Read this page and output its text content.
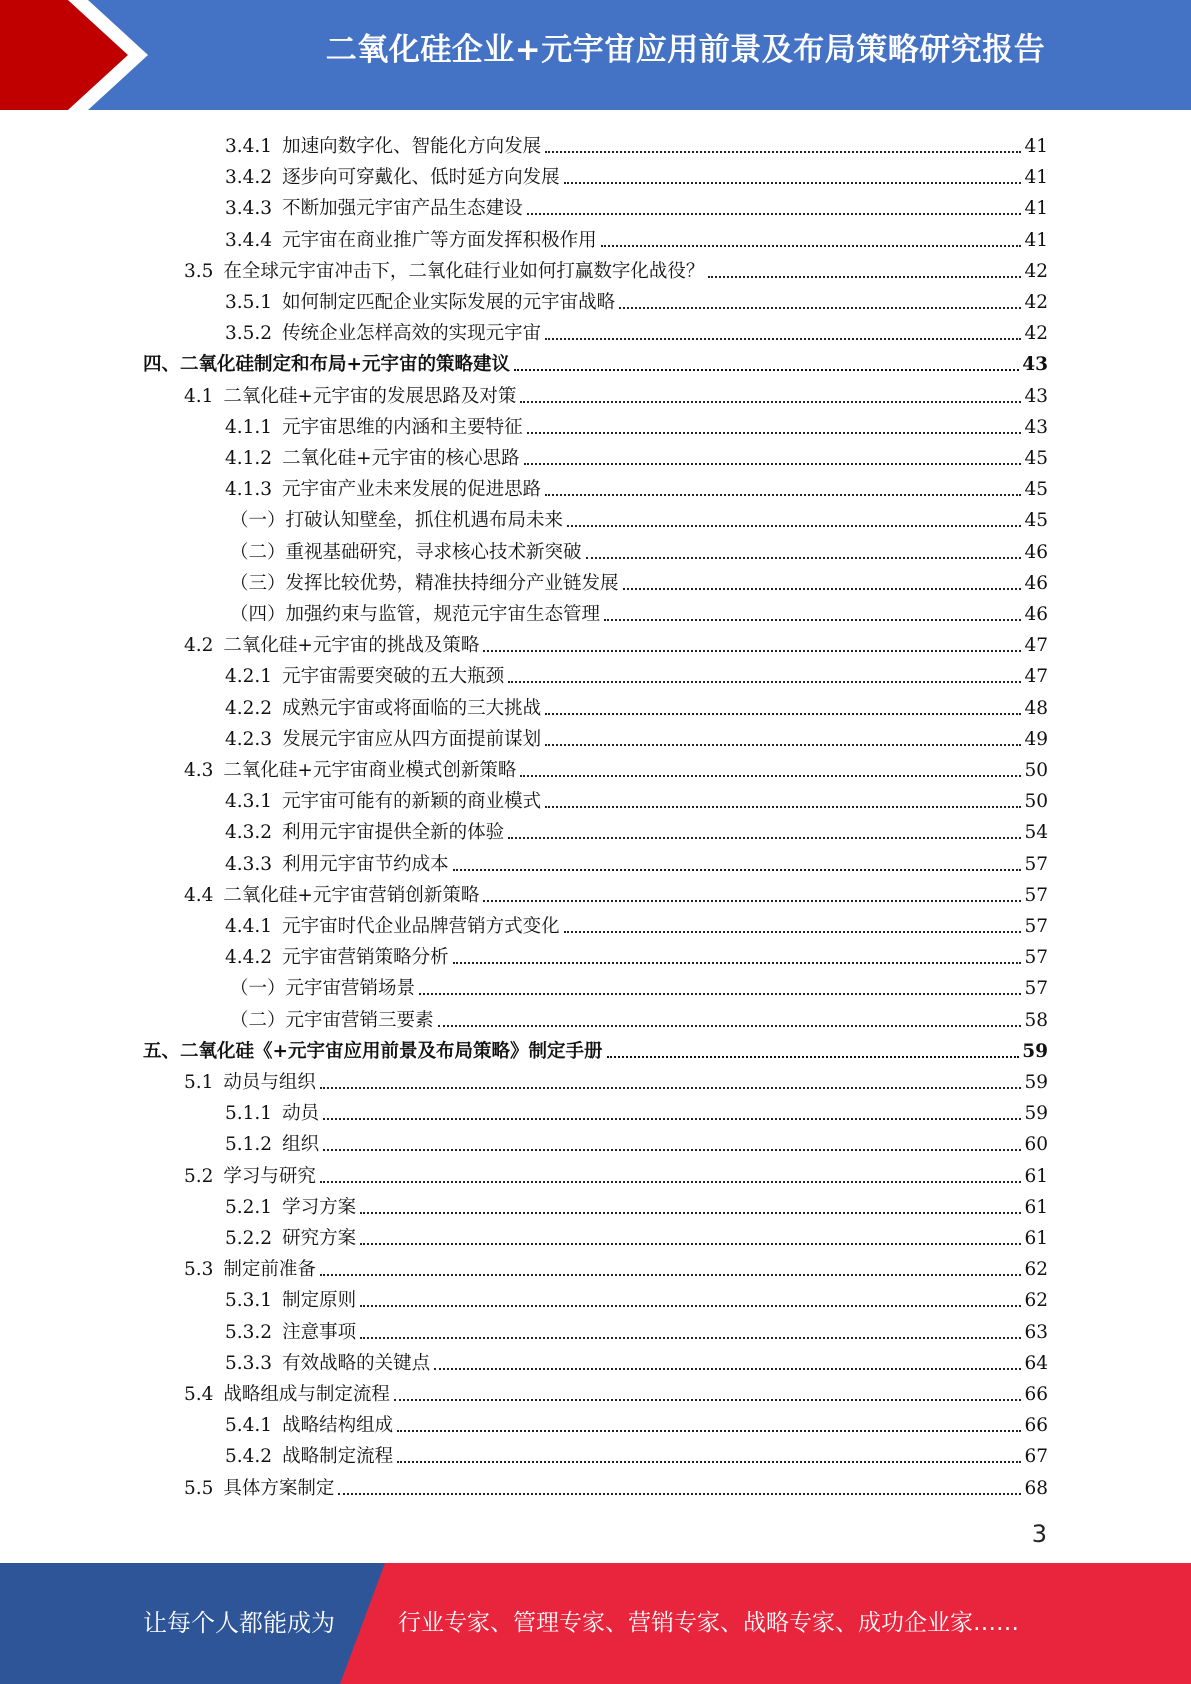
二氧化硅企业+元宇宙应用前景及布局策略研究报告
3.4.1 加速向数字化、智能化方向发展	41
3.4.2 逐步向可穿戴化、低时延方向发展	41
3.4.3 不断加强元宇宙产品生态建设	41
3.4.4 元宇宙在商业推广等方面发挥积极作用	41
3.5 在全球元宇宙冲击下，二氧化硅行业如何打赢数字化战役？	42
3.5.1 如何制定匹配企业实际发展的元宇宙战略	42
3.5.2 传统企业怎样高效的实现元宇宙	42
四、二氧化硅制定和布局+元宇宙的策略建议	43
4.1 二氧化硅+元宇宙的发展思路及对策	43
4.1.1 元宇宙思维的内涵和主要特征	43
4.1.2 二氧化硅+元宇宙的核心思路	45
4.1.3 元宇宙产业未来发展的促进思路	45
（一）打破认知壁垒，抓住机遇布局未来	45
（二）重视基础研究，寻求核心技术新突破	46
（三）发挥比较优势，精准扶持细分产业链发展	46
（四）加强约束与监管，规范元宇宙生态管理	46
4.2 二氧化硅+元宇宙的挑战及策略	47
4.2.1 元宇宙需要突破的五大瓶颈	47
4.2.2 成熟元宇宙或将面临的三大挑战	48
4.2.3 发展元宇宙应从四方面提前谋划	49
4.3 二氧化硅+元宇宙商业模式创新策略	50
4.3.1 元宇宙可能有的新颖的商业模式	50
4.3.2 利用元宇宙提供全新的体验	54
4.3.3 利用元宇宙节约成本	57
4.4 二氧化硅+元宇宙营销创新策略	57
4.4.1 元宇宙时代企业品牌营销方式变化	57
4.4.2 元宇宙营销策略分析	57
（一）元宇宙营销场景	57
（二）元宇宙营销三要素	58
五、二氧化硅《+元宇宙应用前景及布局策略》制定手册	59
5.1 动员与组织	59
5.1.1 动员	59
5.1.2 组织	60
5.2 学习与研究	61
5.2.1 学习方案	61
5.2.2 研究方案	61
5.3 制定前准备	62
5.3.1 制定原则	62
5.3.2 注意事项	63
5.3.3 有效战略的关键点	64
5.4 战略组成与制定流程	66
5.4.1 战略结构组成	66
5.4.2 战略制定流程	67
5.5 具体方案制定	68
3
让每个人都能成为	行业专家、管理专家、营销专家、战略专家、成功企业家……
